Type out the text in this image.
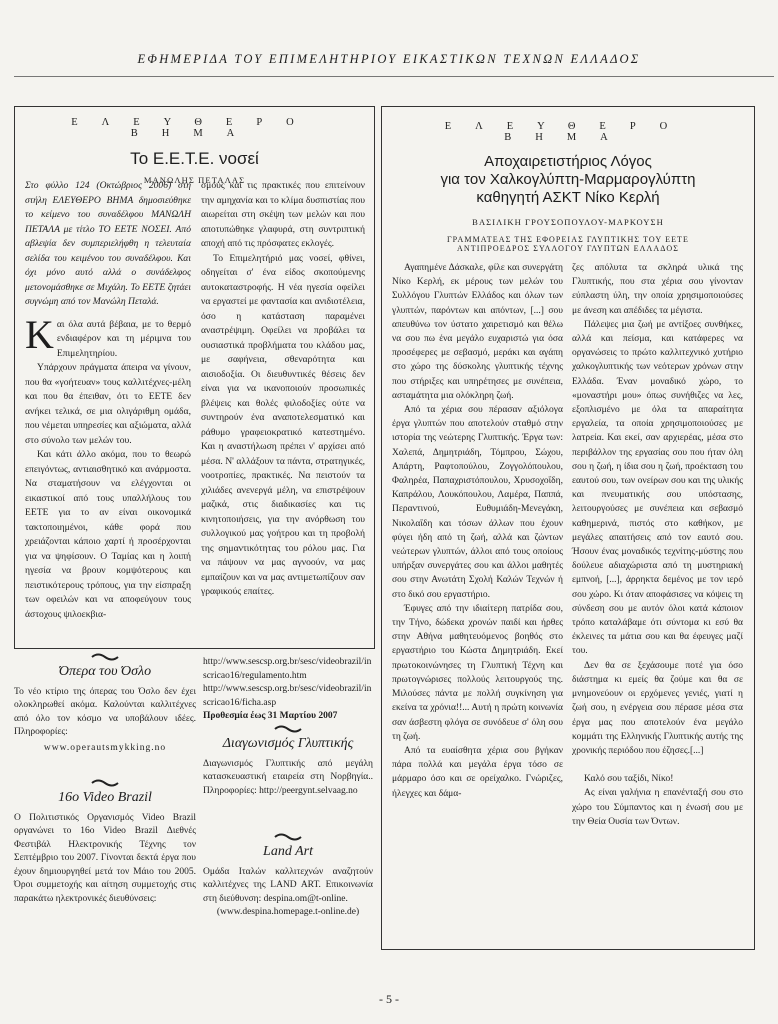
ΕΦΗΜΕΡΙΔΑ ΤΟΥ ΕΠΙΜΕΛΗΤΗΡΙΟΥ ΕΙΚΑΣΤΙΚΩΝ ΤΕΧΝΩΝ ΕΛΛΑΔΟΣ

ΕΛΕΥΘΕΡΟ ΒΗΜΑ

Το Ε.Ε.Τ.Ε. νοσεί

ΜΑΝΩΛΗΣ ΠΕΤΑΛΑΣ

Στο φύλλο 124 (Οκτώβριος 2006) στη στήλη ΕΛΕΥΘΕΡΟ ΒΗΜΑ δημοσιεύθηκε το κείμενο του συναδέλφου ΜΑΝΩΛΗ ΠΕΤΑΛΑ με τίτλο ΤΟ ΕΕΤΕ ΝΟΣΕΙ. Από αβλεψία δεν συμπεριελήφθη η τελευταία σελίδα του κειμένου του συναδέλφου. Και όχι μόνο αυτό αλλά ο συνάδελφος μετονομάσθηκε σε Μιχάλη. Το ΕΕΤΕ ζητάει συγνώμη από τον Μανώλη Πεταλά.

Και όλα αυτά βέβαια, με το θερμό ενδιαφέρον και τη μέριμνα του Επιμελητηρίου.

Υπάρχουν πράγματα άπειρα να γίνουν, που θα «γοήτευαν» τους καλλιτέχνες-μέλη και που θα έπειθαν, ότι το ΕΕΤΕ δεν ανήκει τελικά, σε μια ολιγάριθμη ομάδα, που νέμεται υπηρεσίες και αξιώματα, αλλά στο σύνολο των μελών του.

Και κάτι άλλο ακόμα, που το θεωρώ επειγόντως, αντιαισθητικό και ανάρμοστα. Να σταματήσουν να ελέγχονται οι εικαστικοί από τους υπαλλήλους του ΕΕΤΕ για το αν είναι οικονομικά τακτοποιημένοι, κάθε φορά που χρειάζονται κάποιο χαρτί ή προσέρχονται για να ψηφίσουν. Ο Ταμίας και η λοιπή ηγεσία να βρουν κομψότερους και πειστικότερους τρόπους, για την είσπραξη των οφειλών και να αποφεύγουν τους άστοχους ψιλοεκβια-

σμούς και τις πρακτικές που επιτείνουν την αμηχανία και το κλίμα δυσπιστίας που αιωρείται στη σκέψη των μελών και που αποτυπώθηκε γλαφυρά, στη συντριπτική αποχή από τις πρόσφατες εκλογές.

Το Επιμελητήριό μας νοσεί, φθίνει, οδηγείται σ' ένα είδος σκοπούμενης αυτοκαταστροφής. Η νέα ηγεσία οφείλει να εργαστεί με φαντασία και ανιδιοτέλεια, όσο η κατάσταση παραμένει αναστρέψιμη. Οφείλει να προβάλει τα ουσιαστικά προβλήματα του κλάδου μας, με σαφήνεια, σθεναρότητα και αισιοδοξία. Οι διευθυντικές θέσεις δεν είναι για να ικανοποιούν προσωπικές βλέψεις και θολές φιλοδοξίες ούτε να συντηρούν ένα αναποτελεσματικό και ράθυμο γραφειοκρατικό κατεστημένο. Και η αναστήλωση πρέπει ν' αρχίσει από μέσα. Ν' αλλάξουν τα πάντα, στρατηγικές, νοοτροπίες, πρακτικές. Να πειστούν τα χιλιάδες ανενεργά μέλη, να επιστρέψουν μαζικά, στις διαδικασίες και τις κινητοποιήσεις, για την ανόρθωση του συλλογικού μας γοήτρου και τη προβολή της σημαντικότητας του ρόλου μας. Για να πάψουν να μας αγνοούν, να μας εμπαίζουν και να μας αντιμετωπίζουν σαν γραφικούς επαίτες.

ΕΛΕΥΘΕΡΟ ΒΗΜΑ

Αποχαιρετιστήριος Λόγος
για τον Χαλκογλύπτη-Μαρμαρογλύπτη
καθηγητή ΑΣΚΤ Νίκο Κερλή

ΒΑΣΙΛΙΚΗ ΓΡΟΥΣΟΠΟΥΛΟΥ-ΜΑΡΚΟΥΣΗ

ΓΡΑΜΜΑΤΕΑΣ ΤΗΣ ΕΦΟΡΕΙΑΣ ΓΛΥΠΤΙΚΗΣ ΤΟΥ ΕΕΤΕ

ΑΝΤΙΠΡΟΕΔΡΟΣ ΣΥΛΛΟΓΟΥ ΓΛΥΠΤΩΝ ΕΛΛΑΔΟΣ

Αγαπημένε Δάσκαλε, φίλε και συνεργάτη Νίκο Κερλή, εκ μέρους των μελών του Συλλόγου Γλυπτών Ελλάδος και όλων των γλυπτών, παρόντων και απόντων, [...] σου απευθύνω τον ύστατο χαιρετισμό και θέλω να σου πω ένα μεγάλο ευχαριστώ για όσα προσέφερες με σεβασμό, μεράκι και αγάπη στο χώρο της δύσκολης γλυπτικής τέχνης που στήριξες και υπηρέτησες με συνέπεια, ασταμάτητα μια ολόκληρη ζωή.

Από τα χέρια σου πέρασαν αξιόλογα έργα γλυπτών που αποτελούν σταθμό στην ιστορία της νεώτερης Γλυπτικής. Έργα των: Χαλεπά, Δημητριάδη, Τόμπρου, Σώχου, Απάρτη, Ραφτοπούλου, Ζογγολόπουλου, Φαληρέα, Παπαχριστόπουλου, Χρυσοχοΐδη, Καπράλου, Λουκόπουλου, Λαμέρα, Παππά, Περαντινού, Ευθυμιάδη-Μενεγάκη, Νικολαΐδη και τόσων άλλων που έχουν φύγει ήδη από τη ζωή, αλλά και ζώντων νεώτερων γλυπτών, άλλοι από τους οποίους υπήρξαν συνεργάτες σου και άλλοι μαθητές σου στην Ανωτάτη Σχολή Καλών Τεχνών ή στο δικό σου εργαστήριο.

Έφυγες από την ιδιαίτερη πατρίδα σου, την Τήνο, δώδεκα χρονών παιδί και ήρθες στην Αθήνα μαθητευόμενος βοηθός στο εργαστήριο του Κώστα Δημητριάδη. Εκεί πρωτοκοινώνησες τη Γλυπτική Τέχνη και πρωτογνώρισες πολλούς λειτουργούς της. Μιλούσες πάντα με πολλή συγκίνηση για εκείνα τα χρόνια!!... Αυτή η πρώτη κοινωνία σαν άσβεστη φλόγα σε συνόδευε σ' όλη σου τη ζωή.

Από τα ευαίσθητα χέρια σου βγήκαν πάρα πολλά και μεγάλα έργα τόσο σε μάρμαρο όσο και σε ορείχαλκο. Γνώριζες, ήλεγχες και δάμα-

ζες απόλυτα τα σκληρά υλικά της Γλυπτικής, που στα χέρια σου γίνονταν εύπλαστη ύλη, την οποία χρησιμοποιούσες με άνεση και απέδιδες τα μέγιστα.

Πάλεψες μια ζωή με αντίξοες συνθήκες, αλλά και πείσμα, και κατάφερες να οργανώσεις το πρώτο καλλιτεχνικό χυτήριο χαλκογλυπτικής των νεότερων χρόνων στην Ελλάδα. Έναν μοναδικό χώρο, το «μοναστήρι μου» όπως συνήθιζες να λες, εξοπλισμένο με όλα τα απαραίτητα εργαλεία, τα οποία χρησιμοποιούσες με λατρεία. Και εκεί, σαν αρχιερέας, μέσα στο περιβάλλον της εργασίας σου που ήταν όλη σου η ζωή, η ίδια σου η ζωή, προέκταση του εαυτού σου, των ονείρων σου και της υλικής και πνευματικής σου υπόστασης, λειτουργούσες με συνέπεια και σεβασμό καθημερινά, πιστός στο καθήκον, με μεγάλες απαιτήσεις από τον εαυτό σου. Ήσουν ένας μοναδικός τεχνίτης-μύστης που δούλευε αδιαχώριστα από τη μυστηριακή εμπνοή, [...], άρρηκτα δεμένος με τον ιερό σου χώρο. Κι όταν αποφάσισες να κόψεις τη σύνδεση σου με αυτόν όλοι κατά κάποιον τρόπο καταλάβαμε ότι σύντομα κι εσύ θα έκλεινες τα μάτια σου και θα έφευγες μαζί του.

Δεν θα σε ξεχάσουμε ποτέ για όσο διάστημα κι εμείς θα ζούμε και θα σε μνημονεύουν οι ερχόμενες γενιές, γιατί η ζωή σου, η ενέργεια σου πέρασε μέσα στα έργα μας που αποτελούν ένα μεγάλο κομμάτι της Ελληνικής Γλυπτικής αυτής της χρονικής περιόδου που έζησες.[...]

Καλό σου ταξίδι, Νίκο!

Ας είναι γαλήνια η επανένταξή σου στο χώρο του Σύμπαντος και η ένωσή σου με την Θεία Ουσία των Όντων.

Όπερα του Όσλο

Το νέο κτίριο της όπερας του Όσλο δεν έχει ολοκληρωθεί ακόμα. Καλούνται καλλιτέχνες από όλο τον κόσμο να υποβάλουν ιδέες. Πληροφορίες:

www.operautsmykking.no

16ο Video Brazil

Ο Πολιτιστικός Οργανισμός Video Brazil οργανώνει το 16ο Video Brazil Διεθνές Φεστιβάλ Ηλεκτρονικής Τέχνης τον Σεπτέμβριο του 2007. Γίνονται δεκτά έργα που έχουν δημιουργηθεί μετά τον Μάιο του 2005. Όροι συμμετοχής και αίτηση συμμετοχής στις παρακάτω ηλεκτρονικές διευθύνσεις:

http://www.sescsp.org.br/sesc/videobrazil/inscricao16/regulamento.htm

http://www.sescsp.org.br/sesc/videobrazil/inscricao16/ficha.asp

Προθεσμία έως 31 Μαρτίου 2007

Διαγωνισμός Γλυπτικής

Διαγωνισμός Γλυπτικής από μεγάλη κατασκευαστική εταιρεία στη Νορβηγία.. Πληροφορίες: http://peergynt.selvaag.no

Land Art

Ομάδα Ιταλών καλλιτεχνών αναζητούν καλλιτέχνες της LAND ART. Επικοινωνία στη διεύθυνση: despina.om@t-online.

(www.despina.homepage.t-online.de)

- 5 -
